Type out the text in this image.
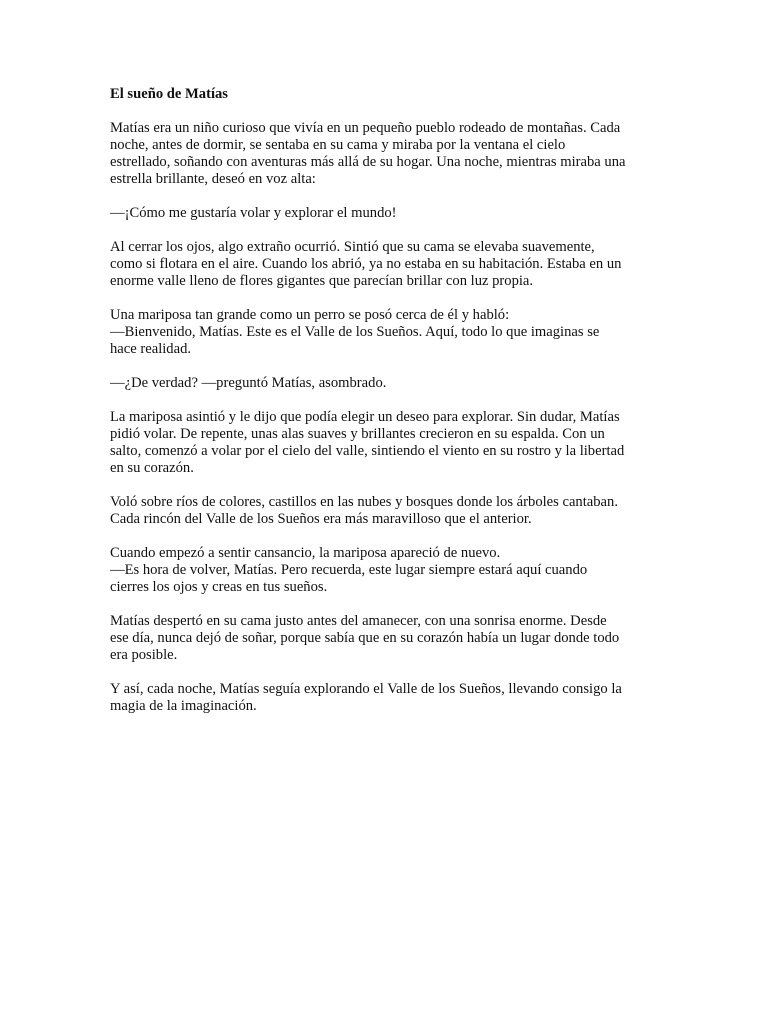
El sueño de Matías
Matías era un niño curioso que vivía en un pequeño pueblo rodeado de montañas. Cada
noche, antes de dormir, se sentaba en su cama y miraba por la ventana el cielo
estrellado, soñando con aventuras más allá de su hogar. Una noche, mientras miraba una
estrella brillante, deseó en voz alta:
—¡Cómo me gustaría volar y explorar el mundo!
Al cerrar los ojos, algo extraño ocurrió. Sintió que su cama se elevaba suavemente,
como si flotara en el aire. Cuando los abrió, ya no estaba en su habitación. Estaba en un
enorme valle lleno de flores gigantes que parecían brillar con luz propia.
Una mariposa tan grande como un perro se posó cerca de él y habló:
—Bienvenido, Matías. Este es el Valle de los Sueños. Aquí, todo lo que imaginas se
hace realidad.
—¿De verdad? —preguntó Matías, asombrado.
La mariposa asintió y le dijo que podía elegir un deseo para explorar. Sin dudar, Matías
pidió volar. De repente, unas alas suaves y brillantes crecieron en su espalda. Con un
salto, comenzó a volar por el cielo del valle, sintiendo el viento en su rostro y la libertad
en su corazón.
Voló sobre ríos de colores, castillos en las nubes y bosques donde los árboles cantaban.
Cada rincón del Valle de los Sueños era más maravilloso que el anterior.
Cuando empezó a sentir cansancio, la mariposa apareció de nuevo.
—Es hora de volver, Matías. Pero recuerda, este lugar siempre estará aquí cuando
cierres los ojos y creas en tus sueños.
Matías despertó en su cama justo antes del amanecer, con una sonrisa enorme. Desde
ese día, nunca dejó de soñar, porque sabía que en su corazón había un lugar donde todo
era posible.
Y así, cada noche, Matías seguía explorando el Valle de los Sueños, llevando consigo la
magia de la imaginación.
